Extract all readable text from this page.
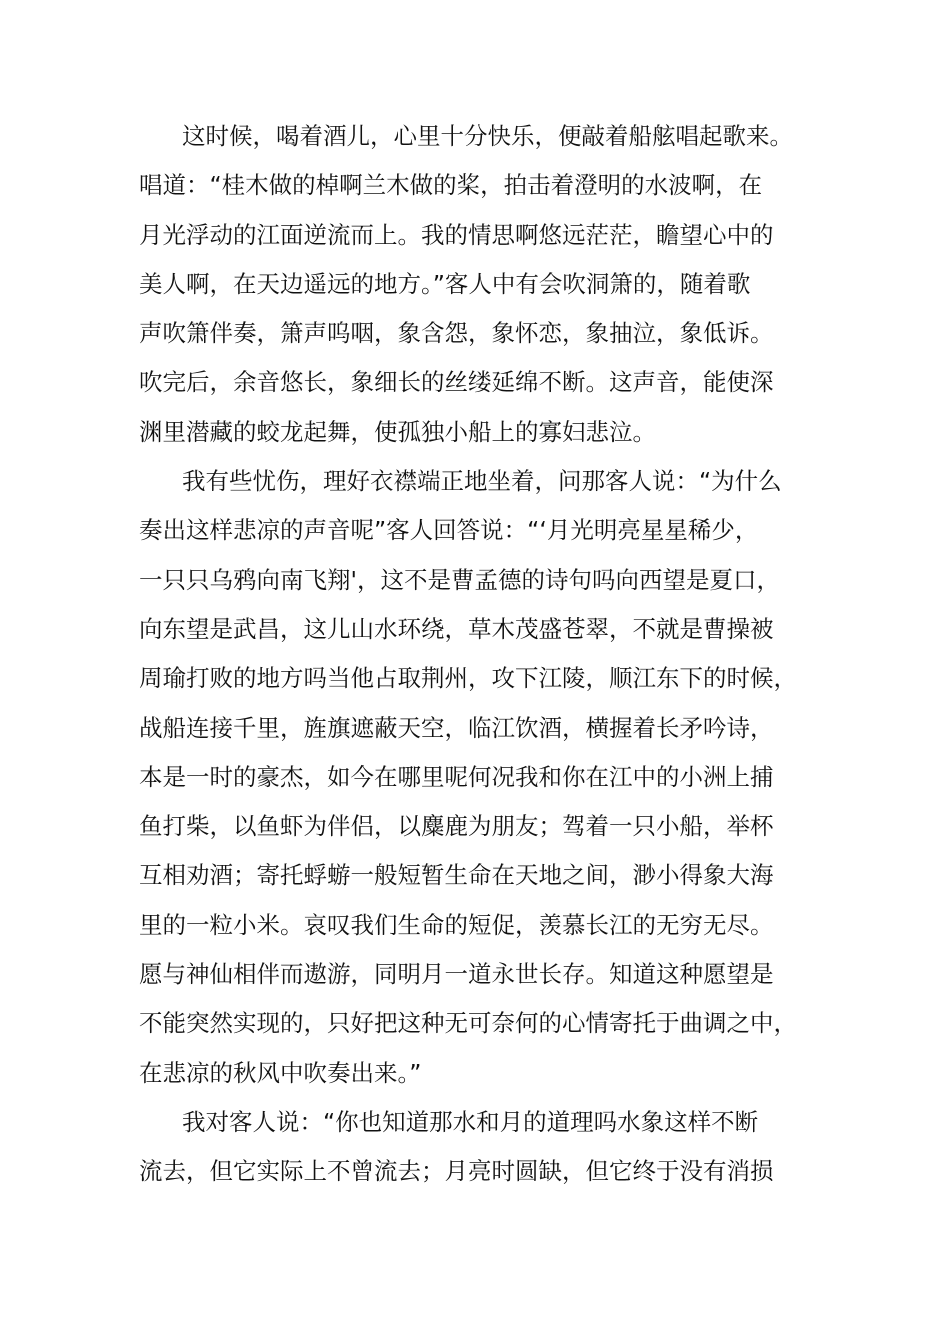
这时候，喝着酒儿，心里十分快乐，便敲着船舷唱起歌来。
唱道：“桂木做的棹啊兰木做的桨，拍击着澄明的水波啊，在
月光浮动的江面逆流而上。我的情思啊悠远茫茫，瞻望心中的
美人啊，在天边遥远的地方。”客人中有会吹洞箫的，随着歌
声吹箫伴奏，箫声呜咽，象含怨，象怀恋，象抽泣，象低诉。
吹完后，余音悠长，象细长的丝缕延绵不断。这声音，能使深
渊里潜藏的蛟龙起舞，使孤独小船上的寡妇悲泣。
我有些忧伤，理好衣襟端正地坐着，问那客人说：“为什么
奏出这样悲凉的声音呢”客人回答说：“‘月光明亮星星稀少，
一只只乌鸦向南飞翔'，这不是曹孟德的诗句吗向西望是夏口，
向东望是武昌，这儿山水环绕，草木茂盛苍翠，不就是曹操被
周瑜打败的地方吗当他占取荆州，攻下江陵，顺江东下的时候，
战船连接千里，旌旗遮蔽天空，临江饮酒，横握着长矛吟诗，
本是一时的豪杰，如今在哪里呢何况我和你在江中的小洲上捕
鱼打柴，以鱼虾为伴侣，以麋鹿为朋友；驾着一只小船，举杯
互相劝酒；寄托蜉蝣一般短暂生命在天地之间，渺小得象大海
里的一粒小米。哀叹我们生命的短促，羡慕长江的无穷无尽。
愿与神仙相伴而遨游，同明月一道永世长存。知道这种愿望是
不能突然实现的，只好把这种无可奈何的心情寄托于曲调之中，
在悲凉的秋风中吹奏出来。”
我对客人说：“你也知道那水和月的道理吗水象这样不断
流去，但它实际上不曾流去；月亮时圆缺，但它终于没有消损
